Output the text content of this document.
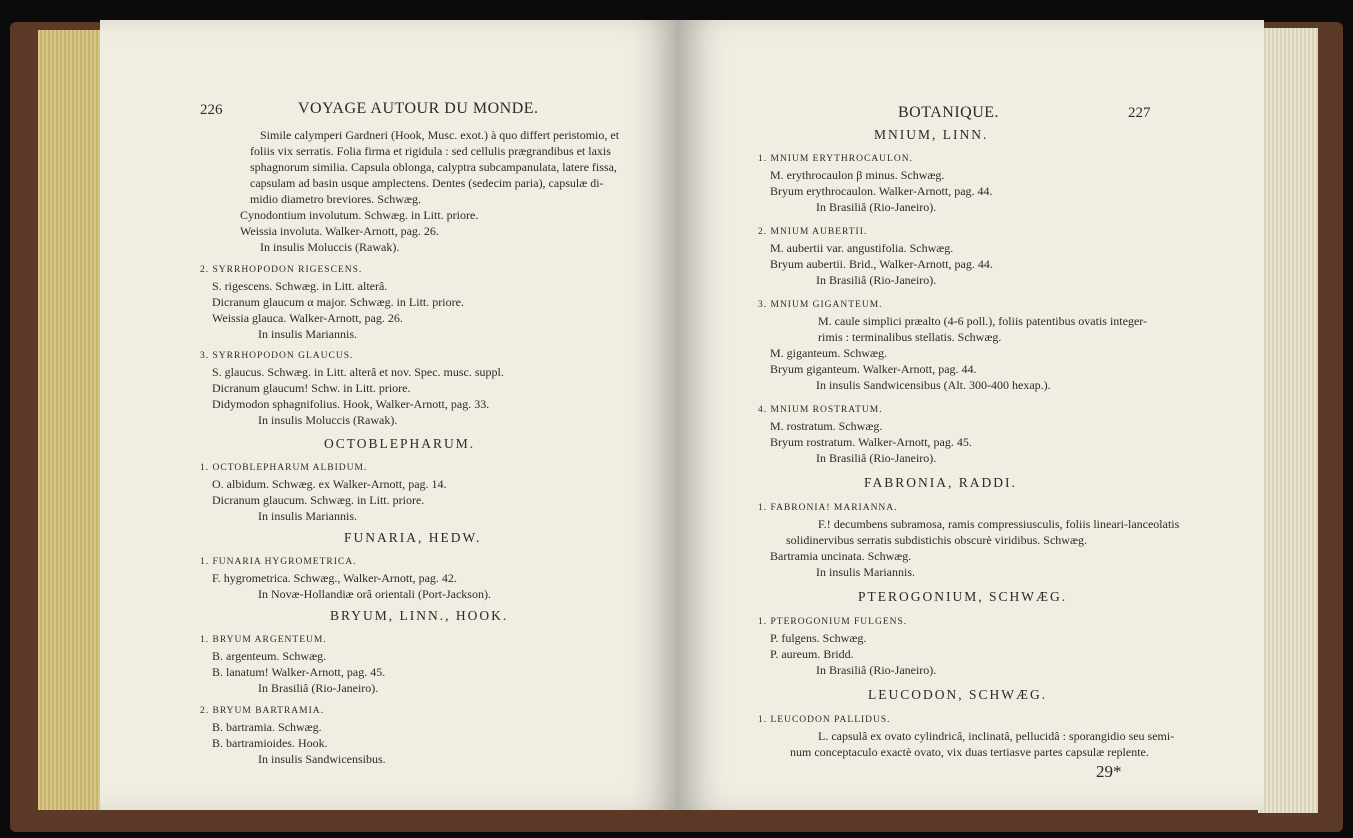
226	VOYAGE AUTOUR DU MONDE.
Simile calymperi Gardneri (Hook, Musc. exot.) à quo differt peristomio, et
foliis vix serratis. Folia firma et rigidula : sed cellulis prægrandibus et laxis
sphagnorum similia. Capsula oblonga, calyptra subcampanulata, latere fissa,
capsulam ad basin usque amplectens. Dentes (sedecim paria), capsulæ di-
midio diametro breviores. Schwæg.
Cynodontium involutum. Schwæg. in Litt. priore.
Weissia involuta. Walker-Arnott, pag. 26.
In insulis Moluccis (Rawak).
2. SYRRHOPODON RIGESCENS.
S. rigescens. Schwæg. in Litt. alterâ.
Dicranum glaucum α major. Schwæg. in Litt. priore.
Weissia glauca. Walker-Arnott, pag. 26.
In insulis Mariannis.
3. SYRRHOPODON GLAUCUS.
S. glaucus. Schwæg. in Litt. alterâ et nov. Spec. musc. suppl.
Dicranum glaucum! Schw. in Litt. priore.
Didymodon sphagnifolius. Hook, Walker-Arnott, pag. 33.
In insulis Moluccis (Rawak).
OCTOBLEPHARUM.
1. OCTOBLEPHARUM ALBIDUM.
O. albidum. Schwæg. ex Walker-Arnott, pag. 14.
Dicranum glaucum. Schwæg. in Litt. priore.
In insulis Mariannis.
FUNARIA, HEDW.
1. FUNARIA HYGROMETRICA.
F. hygrometrica. Schwæg., Walker-Arnott, pag. 42.
In Novæ-Hollandiæ orâ orientali (Port-Jackson).
BRYUM, LINN., HOOK.
1. BRYUM ARGENTEUM.
B. argenteum. Schwæg.
B. lanatum! Walker-Arnott, pag. 45.
In Brasiliâ (Rio-Janeiro).
2. BRYUM BARTRAMIA.
B. bartramia. Schwæg.
B. bartramioides. Hook.
In insulis Sandwicensibus.
BOTANIQUE.	227
MNIUM, LINN.
1. MNIUM ERYTHROCAULON.
M. erythrocaulon β minus. Schwæg.
Bryum erythrocaulon. Walker-Arnott, pag. 44.
In Brasiliâ (Rio-Janeiro).
2. MNIUM AUBERTII.
M. aubertii var. angustifolia. Schwæg.
Bryum aubertii. Brid., Walker-Arnott, pag. 44.
In Brasiliâ (Rio-Janeiro).
3. MNIUM GIGANTEUM.
M. caule simplici præalto (4-6 poll.), foliis patentibus ovatis integer-
rimis : terminalibus stellatis. Schwæg.
M. giganteum. Schwæg.
Bryum giganteum. Walker-Arnott, pag. 44.
In insulis Sandwicensibus (Alt. 300-400 hexap.).
4. MNIUM ROSTRATUM.
M. rostratum. Schwæg.
Bryum rostratum. Walker-Arnott, pag. 45.
In Brasiliâ (Rio-Janeiro).
FABRONIA, RADDI.
1. FABRONIA! MARIANNA.
F.! decumbens subramosa, ramis compressiusculis, foliis lineari-lanceolatis
solidinervibus serratis subdistichis obscurè viridibus. Schwæg.
Bartramia uncinata. Schwæg.
In insulis Mariannis.
PTEROGONIUM, SCHWÆG.
1. PTEROGONIUM FULGENS.
P. fulgens. Schwæg.
P. aureum. Bridd.
In Brasiliâ (Rio-Janeiro).
LEUCODON, SCHWÆG.
1. LEUCODON PALLIDUS.
L. capsulâ ex ovato cylindricâ, inclinatâ, pellucidâ : sporangidio seu semi-
num conceptaculo exactè ovato, vix duas tertiasve partes capsulæ replente.
29*
